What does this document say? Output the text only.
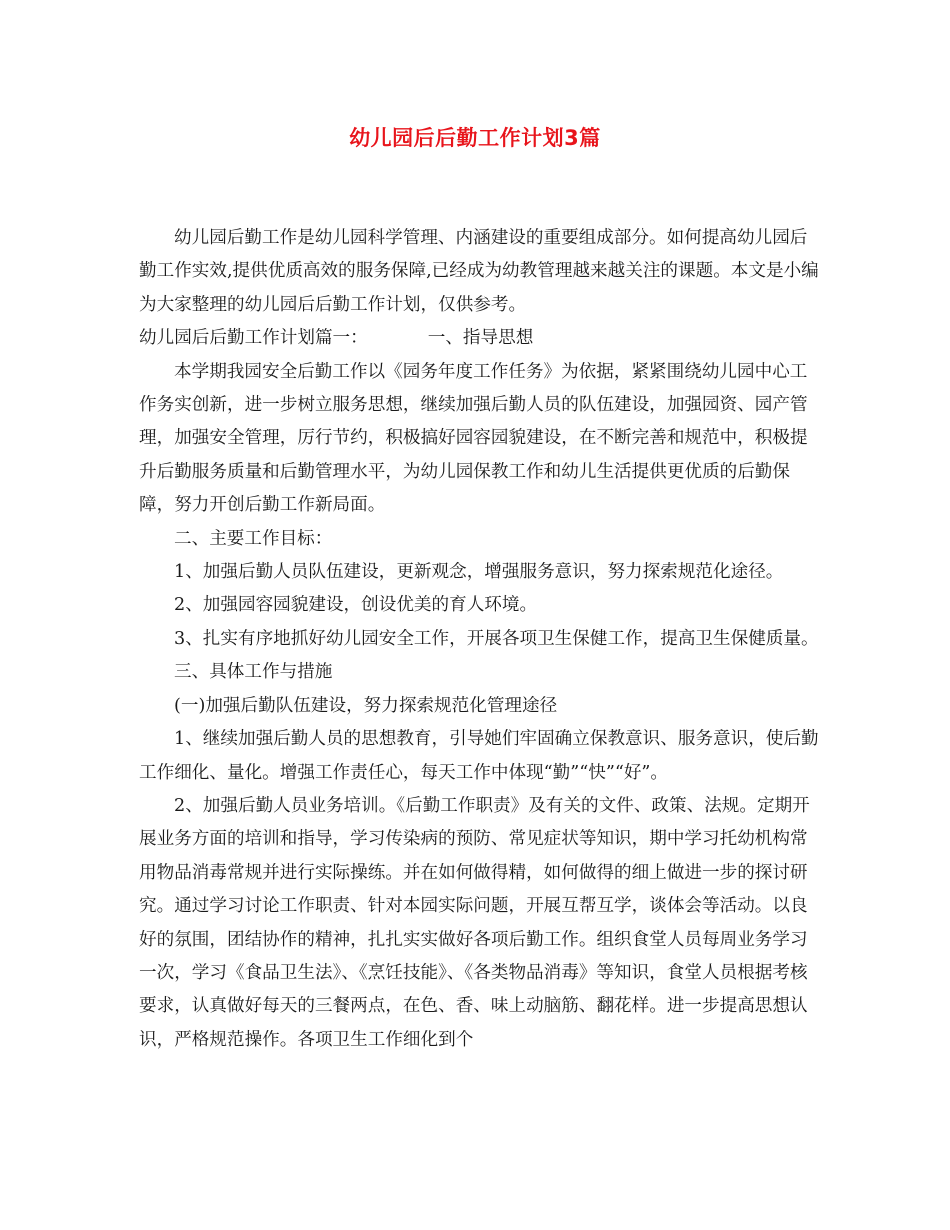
幼儿园后后勤工作计划3篇

幼儿园后勤工作是幼儿园科学管理、内涵建设的重要组成部分。如何提高幼儿园后勤工作实效,提供优质高效的服务保障,已经成为幼教管理越来越关注的课题。本文是小编为大家整理的幼儿园后后勤工作计划，仅供参考。

幼儿园后后勤工作计划篇一：	一、指导思想

本学期我园安全后勤工作以《园务年度工作任务》为依据，紧紧围绕幼儿园中心工作务实创新，进一步树立服务思想，继续加强后勤人员的队伍建设，加强园资、园产管理，加强安全管理，厉行节约，积极搞好园容园貌建设，在不断完善和规范中，积极提升后勤服务质量和后勤管理水平，为幼儿园保教工作和幼儿生活提供更优质的后勤保障，努力开创后勤工作新局面。

二、主要工作目标：

1、加强后勤人员队伍建设，更新观念，增强服务意识，努力探索规范化途径。

2、加强园容园貌建设，创设优美的育人环境。

3、扎实有序地抓好幼儿园安全工作，开展各项卫生保健工作，提高卫生保健质量。

三、具体工作与措施

(一)加强后勤队伍建设，努力探索规范化管理途径

1、继续加强后勤人员的思想教育，引导她们牢固确立保教意识、服务意识，使后勤工作细化、量化。增强工作责任心，每天工作中体现“勤”“快”“好”。

2、加强后勤人员业务培训。《后勤工作职责》及有关的文件、政策、法规。定期开展业务方面的培训和指导，学习传染病的预防、常见症状等知识，期中学习托幼机构常用物品消毒常规并进行实际操练。并在如何做得精，如何做得的细上做进一步的探讨研究。通过学习讨论工作职责、针对本园实际问题，开展互帮互学，谈体会等活动。以良好的氛围，团结协作的精神，扎扎实实做好各项后勤工作。组织食堂人员每周业务学习一次，学习《食品卫生法》、《烹饪技能》、《各类物品消毒》等知识，食堂人员根据考核要求，认真做好每天的三餐两点，在色、香、味上动脑筋、翻花样。进一步提高思想认识，严格规范操作。各项卫生工作细化到个
